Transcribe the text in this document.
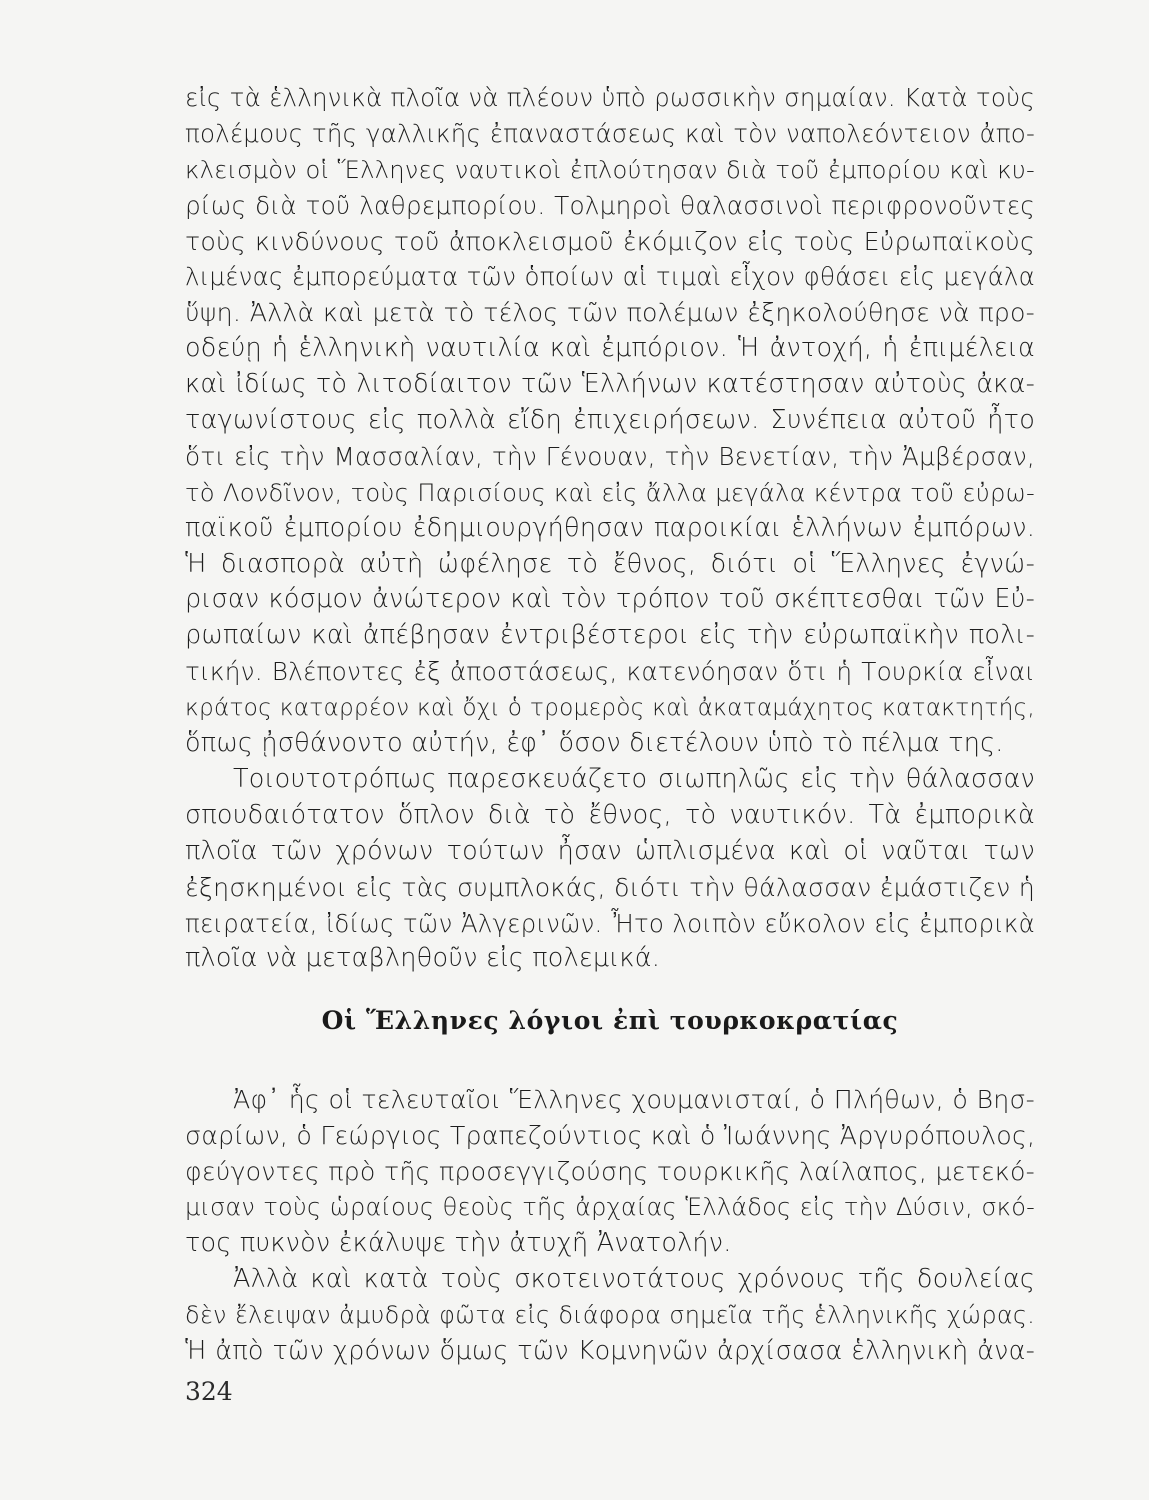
εἰς τὰ ἑλληνικὰ πλοῖα νὰ πλέουν ὑπὸ ρωσσικὴν σημαίαν. Κατὰ τοὺς
πολέμους τῆς γαλλικῆς ἐπαναστάσεως καὶ τὸν ναπολεόντειον ἀπο-
κλεισμὸν οἱ Ἕλληνες ναυτικοὶ ἐπλούτησαν διὰ τοῦ ἐμπορίου καὶ κυ-
ρίως διὰ τοῦ λαθρεμπορίου. Τολμηροὶ θαλασσινοὶ περιφρονοῦντες
τοὺς κινδύνους τοῦ ἀποκλεισμοῦ ἐκόμιζον εἰς τοὺς Εὐρωπαϊκοὺς
λιμένας ἐμπορεύματα τῶν ὁποίων αἱ τιμαὶ εἶχον φθάσει εἰς μεγάλα
ὕψη. Ἀλλὰ καὶ μετὰ τὸ τέλος τῶν πολέμων ἐξηκολούθησε νὰ προ-
οδεύῃ ἡ ἑλληνικὴ ναυτιλία καὶ ἐμπόριον. Ἡ ἀντοχή, ἡ ἐπιμέλεια
καὶ ἰδίως τὸ λιτοδίαιτον τῶν Ἑλλήνων κατέστησαν αὐτοὺς ἀκα-
ταγωνίστους εἰς πολλὰ εἴδη ἐπιχειρήσεων. Συνέπεια αὐτοῦ ἦτο
ὅτι εἰς τὴν Μασσαλίαν, τὴν Γένουαν, τὴν Βενετίαν, τὴν Ἀμβέρσαν,
τὸ Λονδῖνον, τοὺς Παρισίους καὶ εἰς ἄλλα μεγάλα κέντρα τοῦ εὐρω-
παϊκοῦ ἐμπορίου ἐδημιουργήθησαν παροικίαι ἑλλήνων ἐμπόρων.
Ἡ διασπορὰ αὐτὴ ὠφέλησε τὸ ἔθνος, διότι οἱ Ἕλληνες ἐγνώ-
ρισαν κόσμον ἀνώτερον καὶ τὸν τρόπον τοῦ σκέπτεσθαι τῶν Εὐ-
ρωπαίων καὶ ἀπέβησαν ἐντριβέστεροι εἰς τὴν εὐρωπαϊκὴν πολι-
τικήν. Βλέποντες ἐξ ἀποστάσεως, κατενόησαν ὅτι ἡ Τουρκία εἶναι
κράτος καταρρέον καὶ ὄχι ὁ τρομερὸς καὶ ἀκαταμάχητος κατακτητής,
ὅπως ᾐσθάνοντο αὐτήν, ἐφ᾽ ὅσον διετέλουν ὑπὸ τὸ πέλμα της.
Τοιουτοτρόπως παρεσκευάζετο σιωπηλῶς εἰς τὴν θάλασσαν
σπουδαιότατον ὅπλον διὰ τὸ ἔθνος, τὸ ναυτικόν. Τὰ ἐμπορικὰ
πλοῖα τῶν χρόνων τούτων ἦσαν ὡπλισμένα καὶ οἱ ναῦται των
ἐξησκημένοι εἰς τὰς συμπλοκάς, διότι τὴν θάλασσαν ἐμάστιζεν ἡ
πειρατεία, ἰδίως τῶν Ἀλγερινῶν. Ἦτο λοιπὸν εὔκολον εἰς ἐμπορικὰ
πλοῖα νὰ μεταβληθοῦν εἰς πολεμικά.
Οἱ Ἕλληνες λόγιοι ἐπὶ τουρκοκρατίας
Ἀφ᾽ ἧς οἱ τελευταῖοι Ἕλληνες χουμανισταί, ὁ Πλήθων, ὁ Βησ-
σαρίων, ὁ Γεώργιος Τραπεζούντιος καὶ ὁ Ἰωάννης Ἀργυρόπουλος,
φεύγοντες πρὸ τῆς προσεγγιζούσης τουρκικῆς λαίλαπος, μετεκό-
μισαν τοὺς ὡραίους θεοὺς τῆς ἀρχαίας Ἑλλάδος εἰς τὴν Δύσιν, σκό-
τος πυκνὸν ἐκάλυψε τὴν ἀτυχῆ Ἀνατολήν.
Ἀλλὰ καὶ κατὰ τοὺς σκοτεινοτάτους χρόνους τῆς δουλείας
δὲν ἔλειψαν ἀμυδρὰ φῶτα εἰς διάφορα σημεῖα τῆς ἑλληνικῆς χώρας.
Ἡ ἀπὸ τῶν χρόνων ὅμως τῶν Κομνηνῶν ἀρχίσασα ἑλληνικὴ ἀνα-
324
